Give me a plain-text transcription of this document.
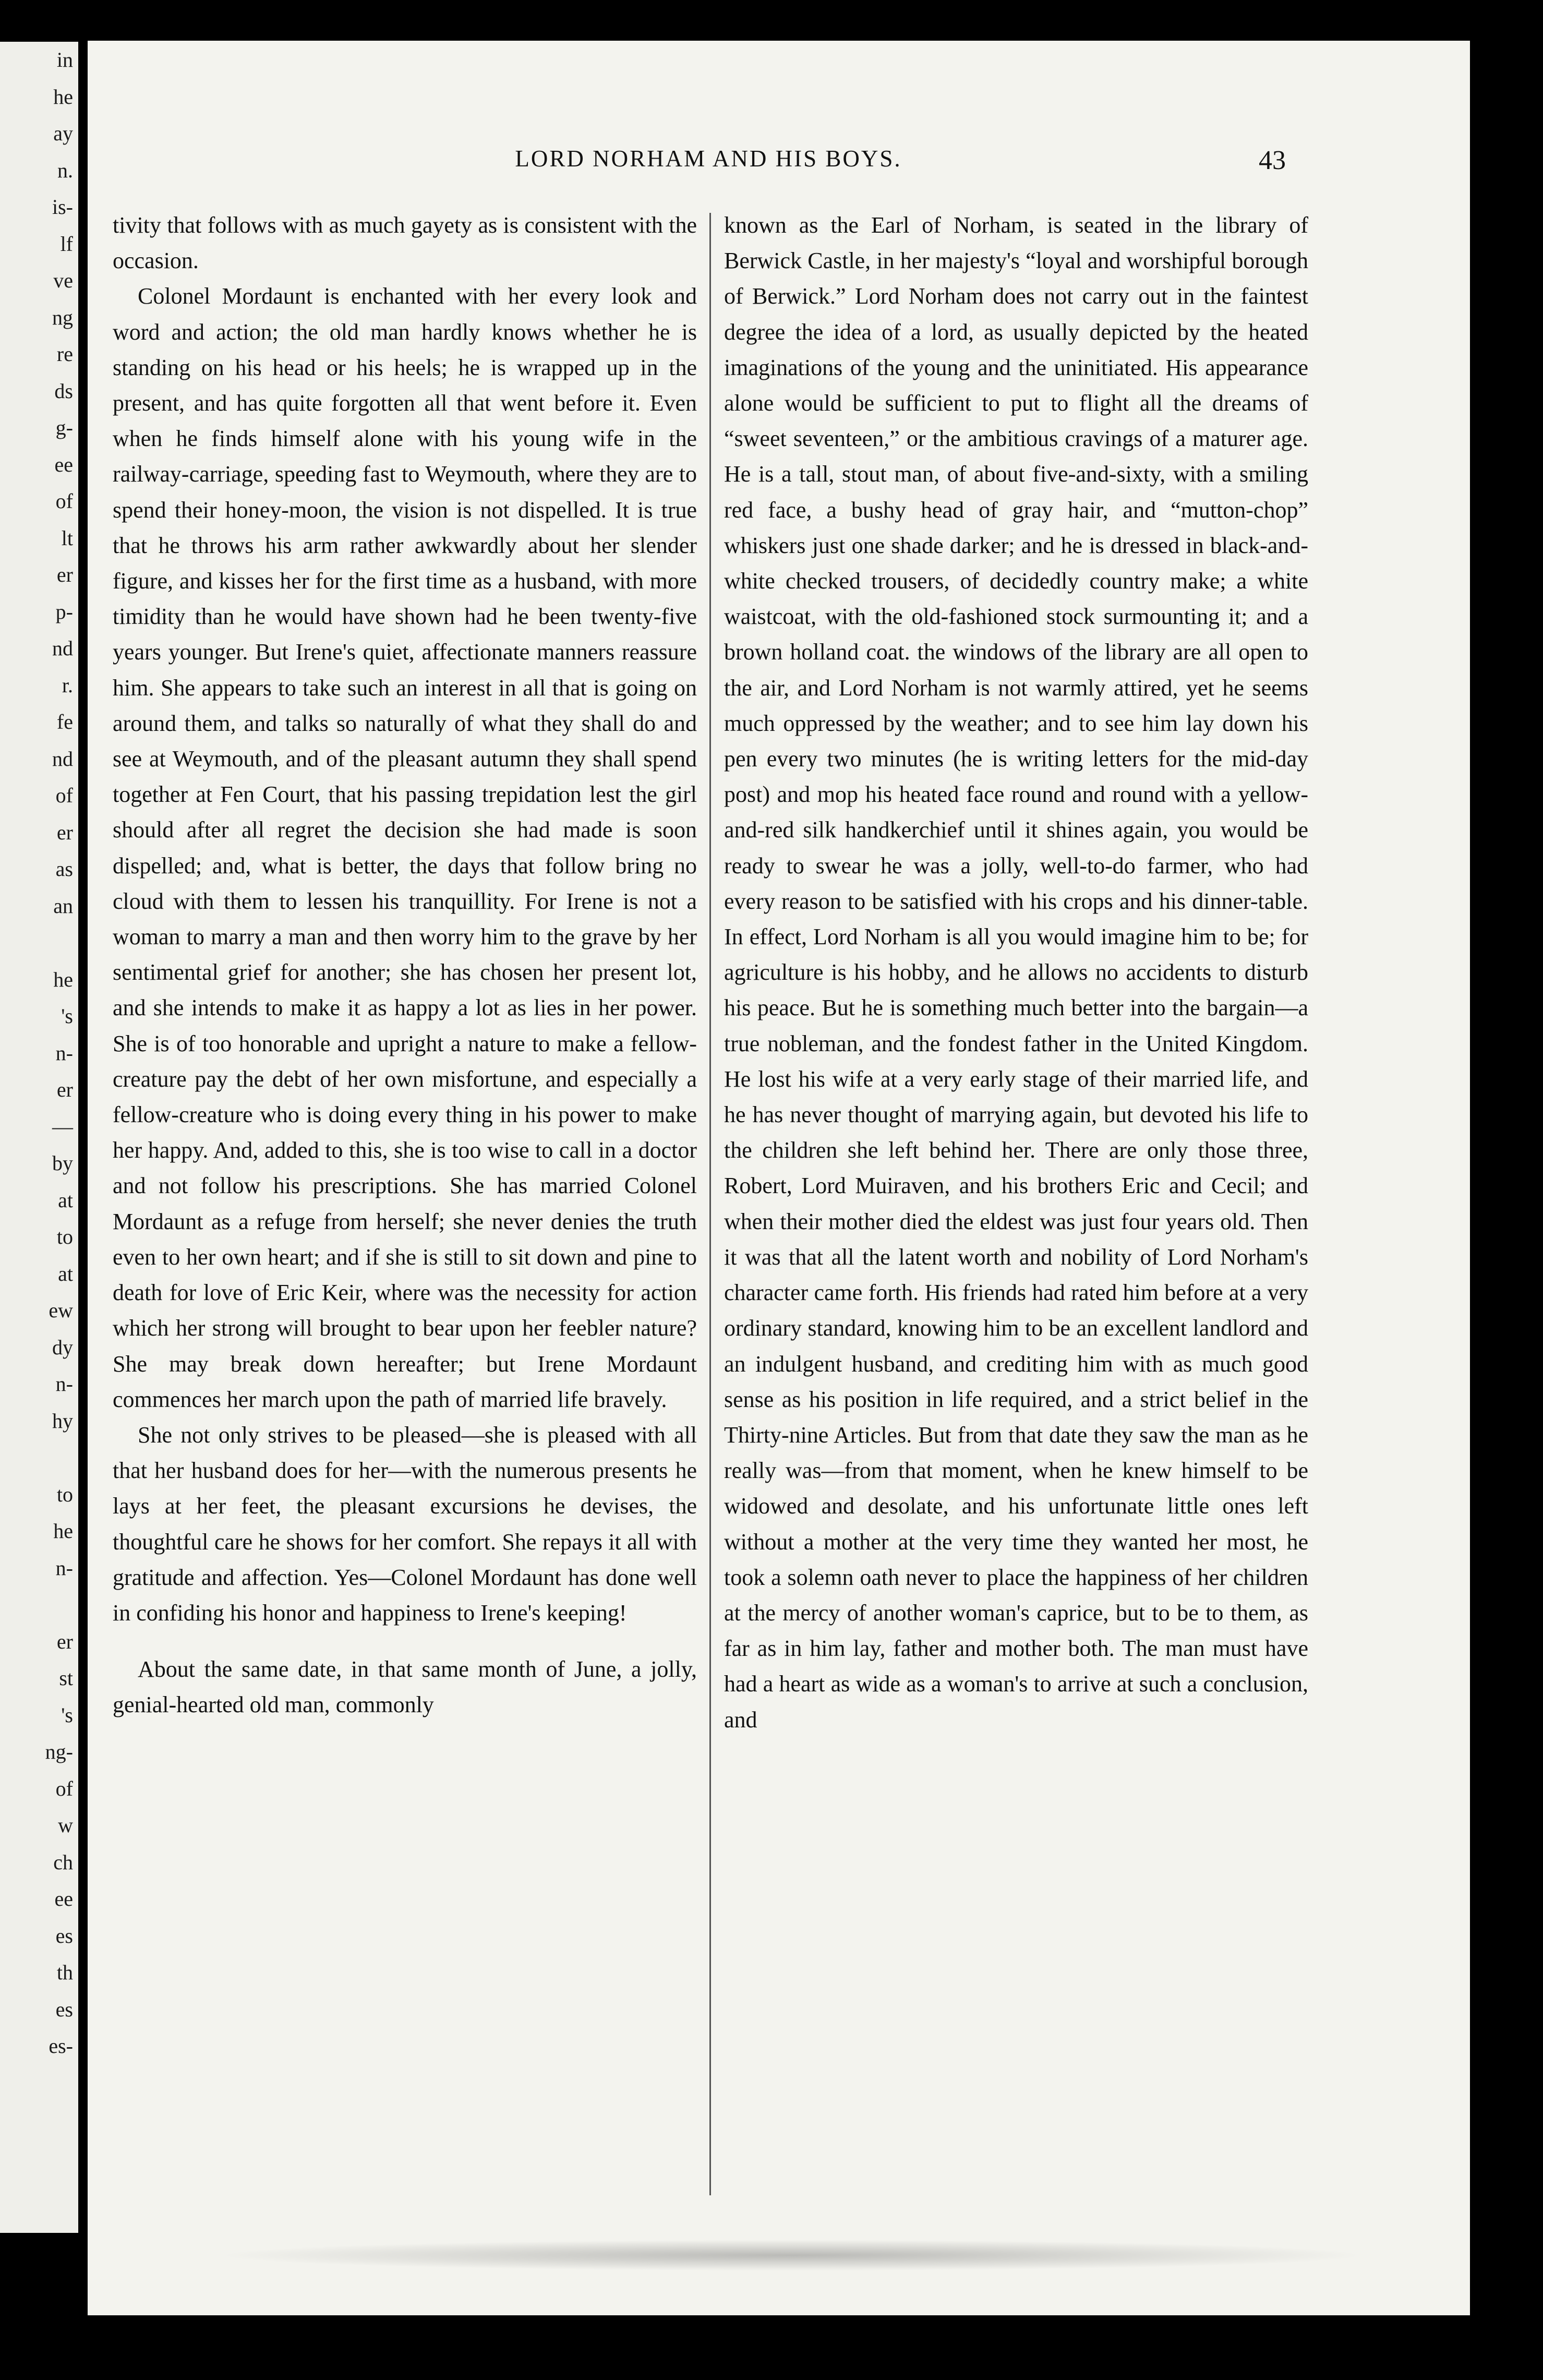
in
he
ay
n.
is-
lf
ve
ng
re
ds
g-
ee
of
lt
er
p-
nd
r.
fe
nd
of
er
as
an
he
's
n-
er
—
by
at
to
at
ew
dy
n-
hy
to
he
n-
er
st
's
ng-
of
w
ch
ee
es
th
es
es-
LORD NORHAM AND HIS BOYS.	43

tivity that follows with as much gayety as is consistent with the occasion.

Colonel Mordaunt is enchanted with her every look and word and action; the old man hardly knows whether he is standing on his head or his heels; he is wrapped up in the present, and has quite forgotten all that went before it. Even when he finds himself alone with his young wife in the railway-carriage, speeding fast to Weymouth, where they are to spend their honey-moon, the vision is not dispelled. It is true that he throws his arm rather awkwardly about her slender figure, and kisses her for the first time as a husband, with more timidity than he would have shown had he been twenty-five years younger. But Irene's quiet, affectionate manners reassure him. She appears to take such an interest in all that is going on around them, and talks so naturally of what they shall do and see at Weymouth, and of the pleasant autumn they shall spend together at Fen Court, that his passing trepidation lest the girl should after all regret the decision she had made is soon dispelled; and, what is better, the days that follow bring no cloud with them to lessen his tranquillity. For Irene is not a woman to marry a man and then worry him to the grave by her sentimental grief for another; she has chosen her present lot, and she intends to make it as happy a lot as lies in her power. She is of too honorable and upright a nature to make a fellow-creature pay the debt of her own misfortune, and especially a fellow-creature who is doing every thing in his power to make her happy. And, added to this, she is too wise to call in a doctor and not follow his prescriptions. She has married Colonel Mordaunt as a refuge from herself; she never denies the truth even to her own heart; and if she is still to sit down and pine to death for love of Eric Keir, where was the necessity for action which her strong will brought to bear upon her feebler nature? She may break down hereafter; but Irene Mordaunt commences her march upon the path of married life bravely.

She not only strives to be pleased—she is pleased with all that her husband does for her—with the numerous presents he lays at her feet, the pleasant excursions he devises, the thoughtful care he shows for her comfort. She repays it all with gratitude and affection. Yes—Colonel Mordaunt has done well in confiding his honor and happiness to Irene's keeping!

About the same date, in that same month of June, a jolly, genial-hearted old man, commonly

known as the Earl of Norham, is seated in the library of Berwick Castle, in her majesty's “loyal and worshipful borough of Berwick.” Lord Norham does not carry out in the faintest degree the idea of a lord, as usually depicted by the heated imaginations of the young and the uninitiated. His appearance alone would be sufficient to put to flight all the dreams of “sweet seventeen,” or the ambitious cravings of a maturer age. He is a tall, stout man, of about five-and-sixty, with a smiling red face, a bushy head of gray hair, and “mutton-chop” whiskers just one shade darker; and he is dressed in black-and-white checked trousers, of decidedly country make; a white waistcoat, with the old-fashioned stock surmounting it; and a brown holland coat. the windows of the library are all open to the air, and Lord Norham is not warmly attired, yet he seems much oppressed by the weather; and to see him lay down his pen every two minutes (he is writing letters for the mid-day post) and mop his heated face round and round with a yellow-and-red silk handkerchief until it shines again, you would be ready to swear he was a jolly, well-to-do farmer, who had every reason to be satisfied with his crops and his dinner-table. In effect, Lord Norham is all you would imagine him to be; for agriculture is his hobby, and he allows no accidents to disturb his peace. But he is something much better into the bargain—a true nobleman, and the fondest father in the United Kingdom. He lost his wife at a very early stage of their married life, and he has never thought of marrying again, but devoted his life to the children she left behind her. There are only those three, Robert, Lord Muiraven, and his brothers Eric and Cecil; and when their mother died the eldest was just four years old. Then it was that all the latent worth and nobility of Lord Norham's character came forth. His friends had rated him before at a very ordinary standard, knowing him to be an excellent landlord and an indulgent husband, and crediting him with as much good sense as his position in life required, and a strict belief in the Thirty-nine Articles. But from that date they saw the man as he really was—from that moment, when he knew himself to be widowed and desolate, and his unfortunate little ones left without a mother at the very time they wanted her most, he took a solemn oath never to place the happiness of her children at the mercy of another woman's caprice, but to be to them, as far as in him lay, father and mother both. The man must have had a heart as wide as a woman's to arrive at such a conclusion, and
